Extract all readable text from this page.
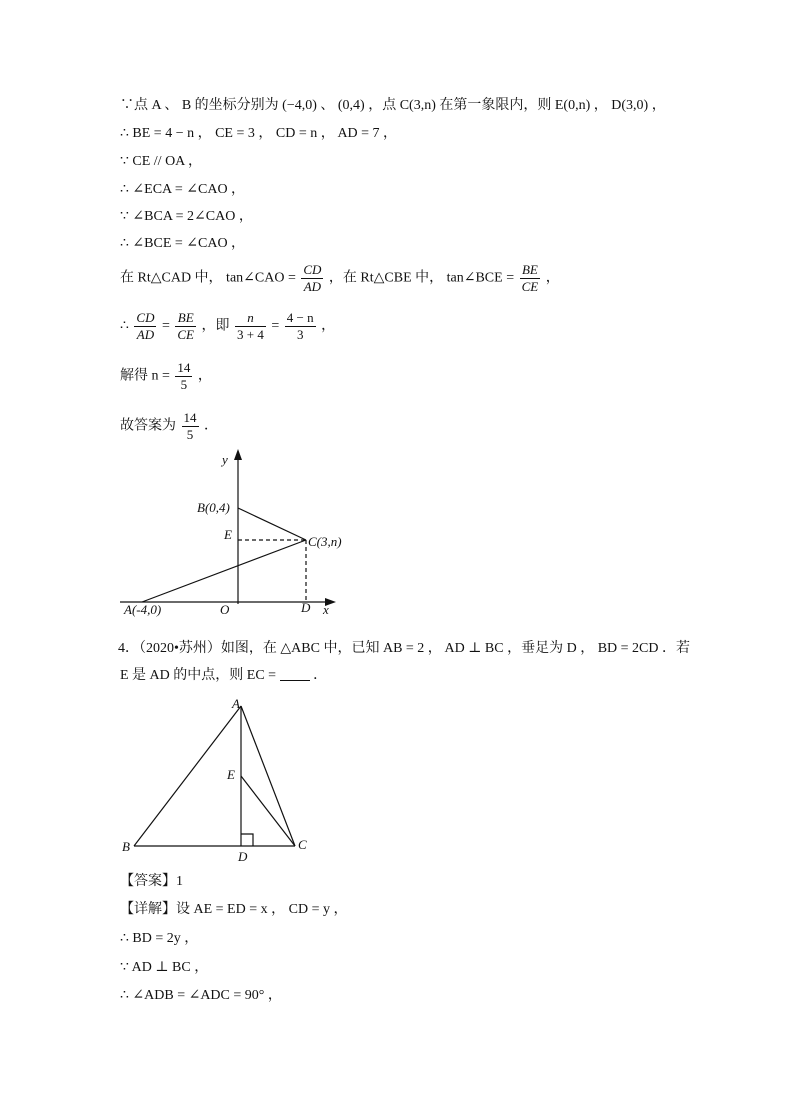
∵点 A 、 B 的坐标分别为 (−4,0) 、 (0,4) ，点 C(3,n) 在第一象限内，则 E(0,n) ， D(3,0) ，
∴ BE = 4 − n ， CE = 3 ， CD = n ， AD = 7 ，
∵ CE // OA ，
∴ ∠ECA = ∠CAO ，
∵ ∠BCA = 2∠CAO ，
∴ ∠BCE = ∠CAO ，
在 Rt△CAD 中， tan∠CAO = $\frac{CD}{AD}$ ，在 Rt△CBE 中， tan∠BCE = $\frac{BE}{CE}$ ，
∴ $\frac{CD}{AD} = \frac{BE}{CE}$ ，即 $\frac{n}{3 + 4} = \frac{4 - n}{3}$ ，
解得 $n = \frac{14}{5}$ ，
故答案为 $\frac{14}{5}$ ．
y
x
B(0,4)
E	C(3,n)
A(-4,0)	O	D
4．（2020•苏州）如图，在 △ABC 中，已知 AB = 2 ， AD ⊥ BC ，垂足为 D ， BD = 2CD ．若
E 是 AD 的中点，则 EC =	．
A
E
B
D
C
【答案】1
【详解】设 AE = ED = x ， CD = y ，
∴ BD = 2y ，
∵ AD ⊥ BC ，
∴ ∠ADB = ∠ADC = 90° ，
